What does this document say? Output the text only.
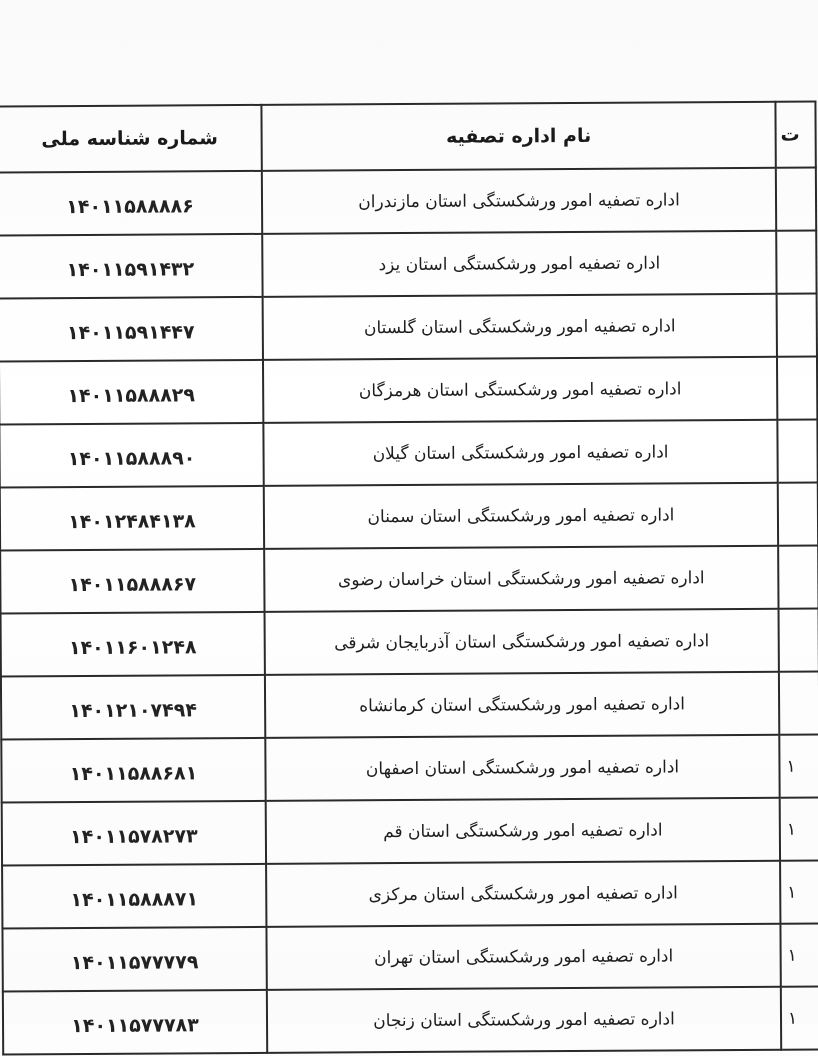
شماره شناسه ملی	نام اداره تصفیه	ت
۱۴۰۱۱۵۸۸۸۸۶	اداره تصفیه امور ورشکستگی استان مازندران	
۱۴۰۱۱۵۹۱۴۳۲	اداره تصفیه امور ورشکستگی استان یزد	
۱۴۰۱۱۵۹۱۴۴۷	اداره تصفیه امور ورشکستگی استان گلستان	
۱۴۰۱۱۵۸۸۸۲۹	اداره تصفیه امور ورشکستگی استان هرمزگان	
۱۴۰۱۱۵۸۸۸۹۰	اداره تصفیه امور ورشکستگی استان گیلان	
۱۴۰۱۲۴۸۴۱۳۸	اداره تصفیه امور ورشکستگی استان سمنان	
۱۴۰۱۱۵۸۸۸۶۷	اداره تصفیه امور ورشکستگی استان خراسان رضوی	
۱۴۰۱۱۶۰۱۲۴۸	اداره تصفیه امور ورشکستگی استان آذربایجان شرقی	
۱۴۰۱۲۱۰۷۴۹۴	اداره تصفیه امور ورشکستگی استان کرمانشاه	
۱۴۰۱۱۵۸۸۶۸۱	اداره تصفیه امور ورشکستگی استان اصفهان	۱
۱۴۰۱۱۵۷۸۲۷۳	اداره تصفیه امور ورشکستگی استان قم	۱
۱۴۰۱۱۵۸۸۸۷۱	اداره تصفیه امور ورشکستگی استان مرکزی	۱
۱۴۰۱۱۵۷۷۷۷۹	اداره تصفیه امور ورشکستگی استان تهران	۱
۱۴۰۱۱۵۷۷۷۸۳	اداره تصفیه امور ورشکستگی استان زنجان	۱
